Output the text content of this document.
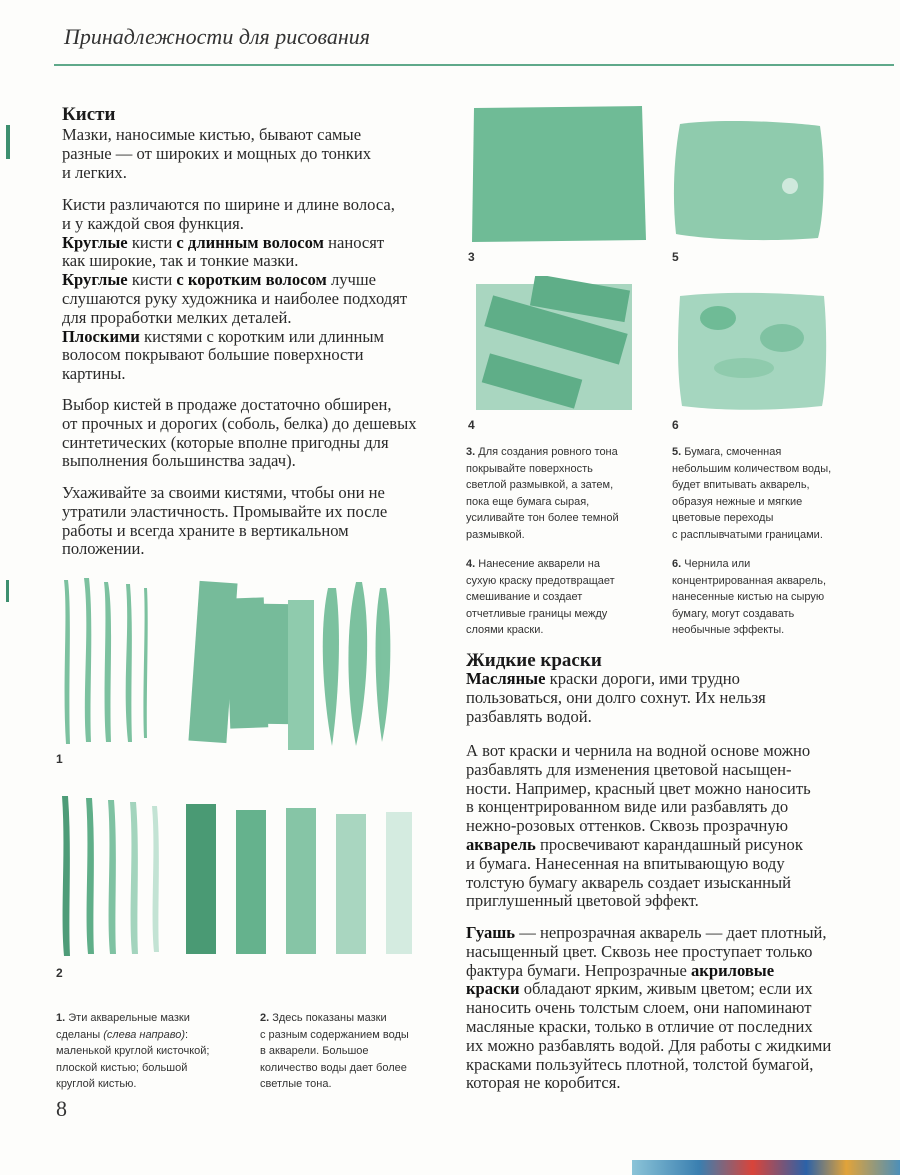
Принадлежности для рисования
Кисти
Мазки, наносимые кистью, бывают самые
разные — от широких и мощных до тонких
и легких.
Кисти различаются по ширине и длине волоса,
и у каждой своя функция.
Круглые кисти с длинным волосом наносят
как широкие, так и тонкие мазки.
Круглые кисти с коротким волосом лучше
слушаются руку художника и наиболее подходят
для проработки мелких деталей.
Плоскими кистями с коротким или длинным
волосом покрывают большие поверхности
картины.
Выбор кистей в продаже достаточно обширен,
от прочных и дорогих (соболь, белка) до дешевых
синтетических (которые вполне пригодны для
выполнения большинства задач).
Ухаживайте за своими кистями, чтобы они не
утратили эластичность. Промывайте их после
работы и всегда храните в вертикальном
положении.
1
2
1. Эти акварельные мазки
сделаны (слева направо):
маленькой круглой кисточкой;
плоской кистью; большой
круглой кистью.
2. Здесь показаны мазки
с разным содержанием воды
в акварели. Большое
количество воды дает более
светлые тона.
3	5
4	6
3. Для создания ровного тона
покрывайте поверхность
светлой размывкой, а затем,
пока еще бумага сырая,
усиливайте тон более темной
размывкой.
5. Бумага, смоченная
небольшим количеством воды,
будет впитывать акварель,
образуя нежные и мягкие
цветовые переходы
с расплывчатыми границами.
4. Нанесение акварели на
сухую краску предотвращает
смешивание и создает
отчетливые границы между
слоями краски.
6. Чернила или
концентрированная акварель,
нанесенные кистью на сырую
бумагу, могут создавать
необычные эффекты.
Жидкие краски
Масляные краски дороги, ими трудно
пользоваться, они долго сохнут. Их нельзя
разбавлять водой.
А вот краски и чернила на водной основе можно
разбавлять для изменения цветовой насыщен-
ности. Например, красный цвет можно наносить
в концентрированном виде или разбавлять до
нежно-розовых оттенков. Сквозь прозрачную
акварель просвечивают карандашный рисунок
и бумага. Нанесенная на впитывающую воду
толстую бумагу акварель создает изысканный
приглушенный цветовой эффект.
Гуашь — непрозрачная акварель — дает плотный,
насыщенный цвет. Сквозь нее проступает только
фактура бумаги. Непрозрачные акриловые
краски обладают ярким, живым цветом; если их
наносить очень толстым слоем, они напоминают
масляные краски, только в отличие от последних
их можно разбавлять водой. Для работы с жидкими
красками пользуйтесь плотной, толстой бумагой,
которая не коробится.
8
